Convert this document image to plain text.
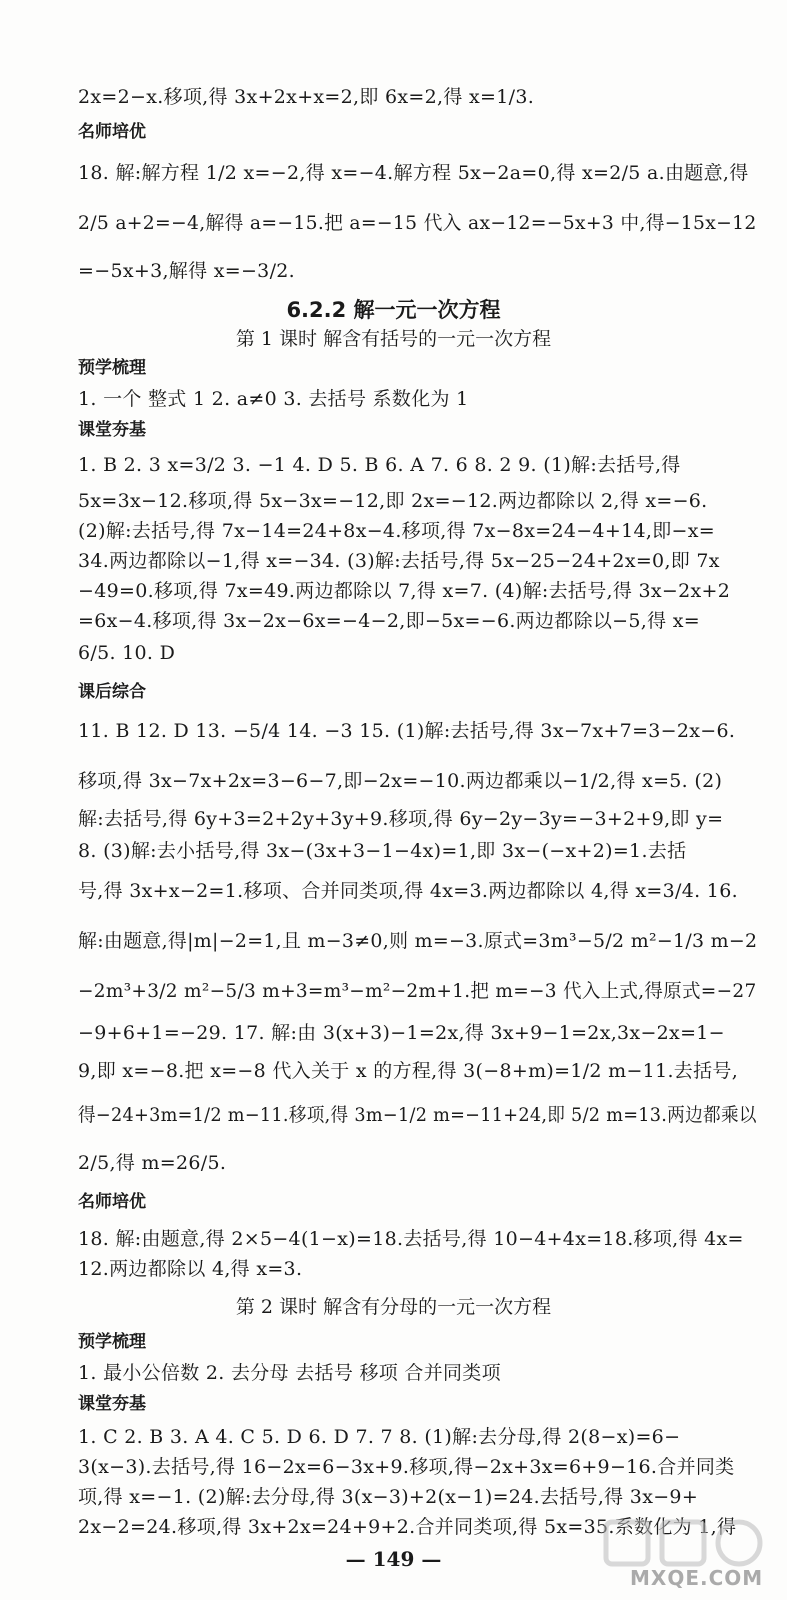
2x=2−x.移项,得 3x+2x+x=2,即 6x=2,得 x=1/3.
18. 解:解方程 1/2 x=−2,得 x=−4.解方程 5x−2a=0,得 x=2/5 a.由题意,得
2/5 a+2=−4,解得 a=−15.把 a=−15 代入 ax−12=−5x+3 中,得−15x−12
=−5x+3,解得 x=−3/2.
1. 一个 整式 1 2. a≠0 3. 去括号 系数化为 1
1. B 2. 3 x=3/2 3. −1 4. D 5. B 6. A 7. 6 8. 2 9. (1)解:去括号,得
5x=3x−12.移项,得 5x−3x=−12,即 2x=−12.两边都除以 2,得 x=−6.
(2)解:去括号,得 7x−14=24+8x−4.移项,得 7x−8x=24−4+14,即−x=
34.两边都除以−1,得 x=−34. (3)解:去括号,得 5x−25−24+2x=0,即 7x
−49=0.移项,得 7x=49.两边都除以 7,得 x=7. (4)解:去括号,得 3x−2x+2
=6x−4.移项,得 3x−2x−6x=−4−2,即−5x=−6.两边都除以−5,得 x=
6/5. 10. D
11. B 12. D 13. −5/4 14. −3 15. (1)解:去括号,得 3x−7x+7=3−2x−6.
移项,得 3x−7x+2x=3−6−7,即−2x=−10.两边都乘以−1/2,得 x=5. (2)
解:去括号,得 6y+3=2+2y+3y+9.移项,得 6y−2y−3y=−3+2+9,即 y=
8. (3)解:去小括号,得 3x−(3x+3−1−4x)=1,即 3x−(−x+2)=1.去括
号,得 3x+x−2=1.移项、合并同类项,得 4x=3.两边都除以 4,得 x=3/4. 16.
解:由题意,得|m|−2=1,且 m−3≠0,则 m=−3.原式=3m³−5/2 m²−1/3 m−2
−2m³+3/2 m²−5/3 m+3=m³−m²−2m+1.把 m=−3 代入上式,得原式=−27
−9+6+1=−29. 17. 解:由 3(x+3)−1=2x,得 3x+9−1=2x,3x−2x=1−
9,即 x=−8.把 x=−8 代入关于 x 的方程,得 3(−8+m)=1/2 m−11.去括号,
得−24+3m=1/2 m−11.移项,得 3m−1/2 m=−11+24,即 5/2 m=13.两边都乘以
2/5,得 m=26/5.
18. 解:由题意,得 2×5−4(1−x)=18.去括号,得 10−4+4x=18.移项,得 4x=
12.两边都除以 4,得 x=3.
1. 最小公倍数 2. 去分母 去括号 移项 合并同类项
1. C 2. B 3. A 4. C 5. D 6. D 7. 7 8. (1)解:去分母,得 2(8−x)=6−
3(x−3).去括号,得 16−2x=6−3x+9.移项,得−2x+3x=6+9−16.合并同类
项,得 x=−1. (2)解:去分母,得 3(x−3)+2(x−1)=24.去括号,得 3x−9+
2x−2=24.移项,得 3x+2x=24+9+2.合并同类项,得 5x=35.系数化为 1,得
名师培优
预学梳理
课堂夯基
课后综合
名师培优
预学梳理
课堂夯基
6.2.2 解一元一次方程
第 1 课时 解含有括号的一元一次方程
第 2 课时 解含有分母的一元一次方程
— 149 —
MXQE.COM
